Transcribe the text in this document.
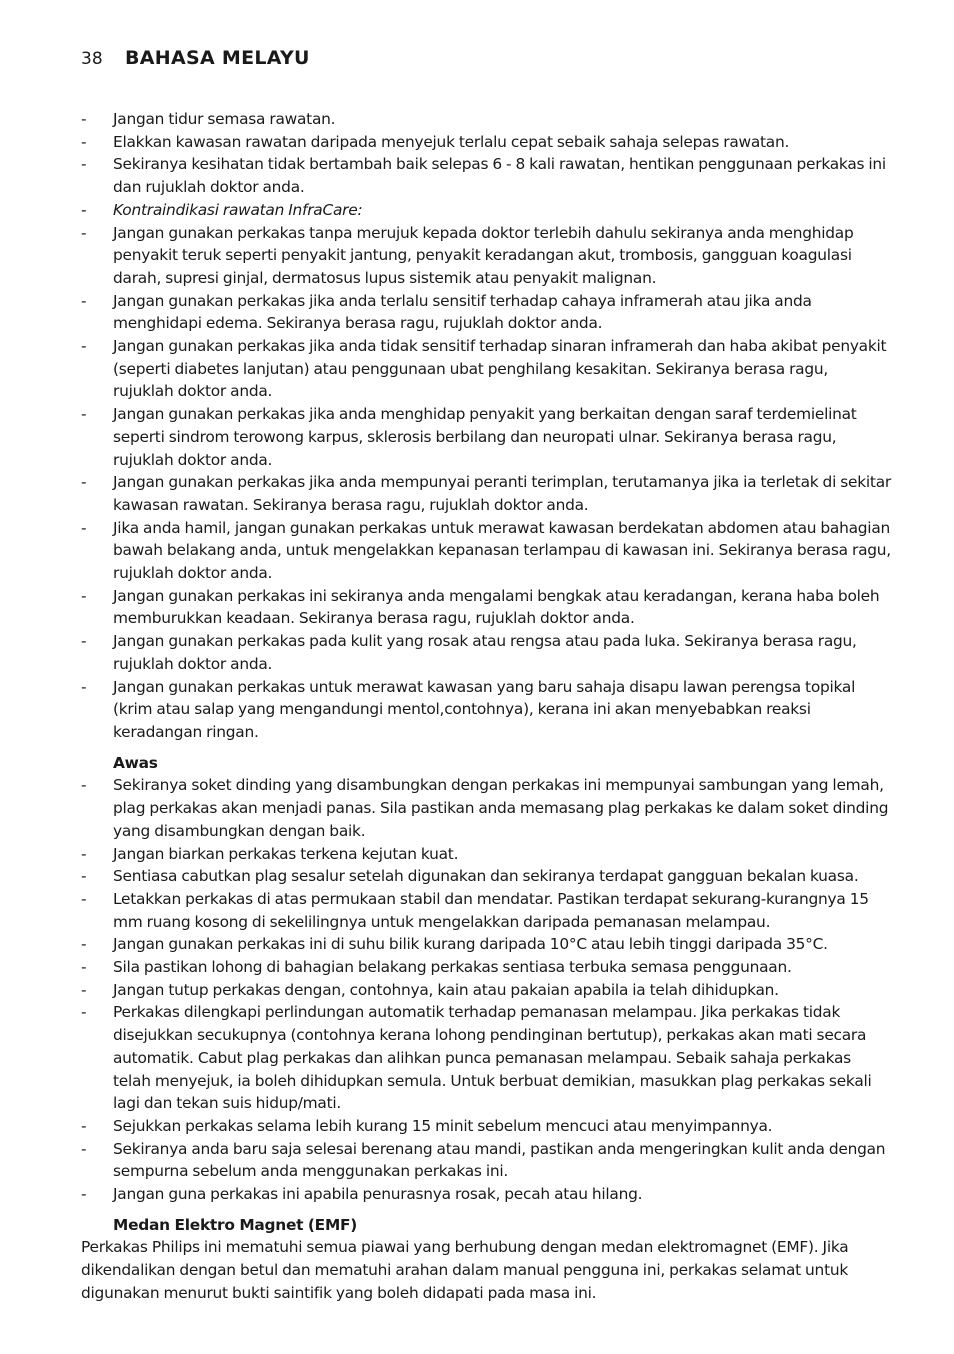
38	BAHASA MELAYU
- Jangan tidur semasa rawatan.
- Elakkan kawasan rawatan daripada menyejuk terlalu cepat sebaik sahaja selepas rawatan.
- Sekiranya kesihatan tidak bertambah baik selepas 6 - 8 kali rawatan, hentikan penggunaan perkakas ini dan rujuklah doktor anda.
- Kontraindikasi rawatan InfraCare:
- Jangan gunakan perkakas tanpa merujuk kepada doktor terlebih dahulu sekiranya anda menghidap penyakit teruk seperti penyakit jantung, penyakit keradangan akut, trombosis, gangguan koagulasi darah, supresi ginjal, dermatosus lupus sistemik atau penyakit malignan.
- Jangan gunakan perkakas jika anda terlalu sensitif terhadap cahaya inframerah atau jika anda menghidapi edema. Sekiranya berasa ragu, rujuklah doktor anda.
- Jangan gunakan perkakas jika anda tidak sensitif terhadap sinaran inframerah dan haba akibat penyakit (seperti diabetes lanjutan) atau penggunaan ubat penghilang kesakitan. Sekiranya berasa ragu, rujuklah doktor anda.
- Jangan gunakan perkakas jika anda menghidap penyakit yang berkaitan dengan saraf terdemielinat seperti sindrom terowong karpus, sklerosis berbilang dan neuropati ulnar. Sekiranya berasa ragu, rujuklah doktor anda.
- Jangan gunakan perkakas jika anda mempunyai peranti terimplan, terutamanya jika ia terletak di sekitar kawasan rawatan. Sekiranya berasa ragu, rujuklah doktor anda.
- Jika anda hamil, jangan gunakan perkakas untuk merawat kawasan berdekatan abdomen atau bahagian bawah belakang anda, untuk mengelakkan kepanasan terlampau di kawasan ini. Sekiranya berasa ragu, rujuklah doktor anda.
- Jangan gunakan perkakas ini sekiranya anda mengalami bengkak atau keradangan, kerana haba boleh memburukkan keadaan. Sekiranya berasa ragu, rujuklah doktor anda.
- Jangan gunakan perkakas pada kulit yang rosak atau rengsa atau pada luka. Sekiranya berasa ragu, rujuklah doktor anda.
- Jangan gunakan perkakas untuk merawat kawasan yang baru sahaja disapu lawan perengsa topikal (krim atau salap yang mengandungi mentol,contohnya), kerana ini akan menyebabkan reaksi keradangan ringan.
Awas
- Sekiranya soket dinding yang disambungkan dengan perkakas ini mempunyai sambungan yang lemah, plag perkakas akan menjadi panas. Sila pastikan anda memasang plag perkakas ke dalam soket dinding yang disambungkan dengan baik.
- Jangan biarkan perkakas terkena kejutan kuat.
- Sentiasa cabutkan plag sesalur setelah digunakan dan sekiranya terdapat gangguan bekalan kuasa.
- Letakkan perkakas di atas permukaan stabil dan mendatar. Pastikan terdapat sekurang-kurangnya 15 mm ruang kosong di sekelilingnya untuk mengelakkan daripada pemanasan melampau.
- Jangan gunakan perkakas ini di suhu bilik kurang daripada 10°C atau lebih tinggi daripada 35°C.
- Sila pastikan lohong di bahagian belakang perkakas sentiasa terbuka semasa penggunaan.
- Jangan tutup perkakas dengan, contohnya, kain atau pakaian apabila ia telah dihidupkan.
- Perkakas dilengkapi perlindungan automatik terhadap pemanasan melampau. Jika perkakas tidak disejukkan secukupnya (contohnya kerana lohong pendinginan bertutup), perkakas akan mati secara automatik. Cabut plag perkakas dan alihkan punca pemanasan melampau. Sebaik sahaja perkakas telah menyejuk, ia boleh dihidupkan semula. Untuk berbuat demikian, masukkan plag perkakas sekali lagi dan tekan suis hidup/mati.
- Sejukkan perkakas selama lebih kurang 15 minit sebelum mencuci atau menyimpannya.
- Sekiranya anda baru saja selesai berenang atau mandi, pastikan anda mengeringkan kulit anda dengan sempurna sebelum anda menggunakan perkakas ini.
- Jangan guna perkakas ini apabila penurasnya rosak, pecah atau hilang.
Medan Elektro Magnet (EMF)

Perkakas Philips ini mematuhi semua piawai yang berhubung dengan medan elektromagnet (EMF). Jika dikendalikan dengan betul dan mematuhi arahan dalam manual pengguna ini, perkakas selamat untuk digunakan menurut bukti saintifik yang boleh didapati pada masa ini.
